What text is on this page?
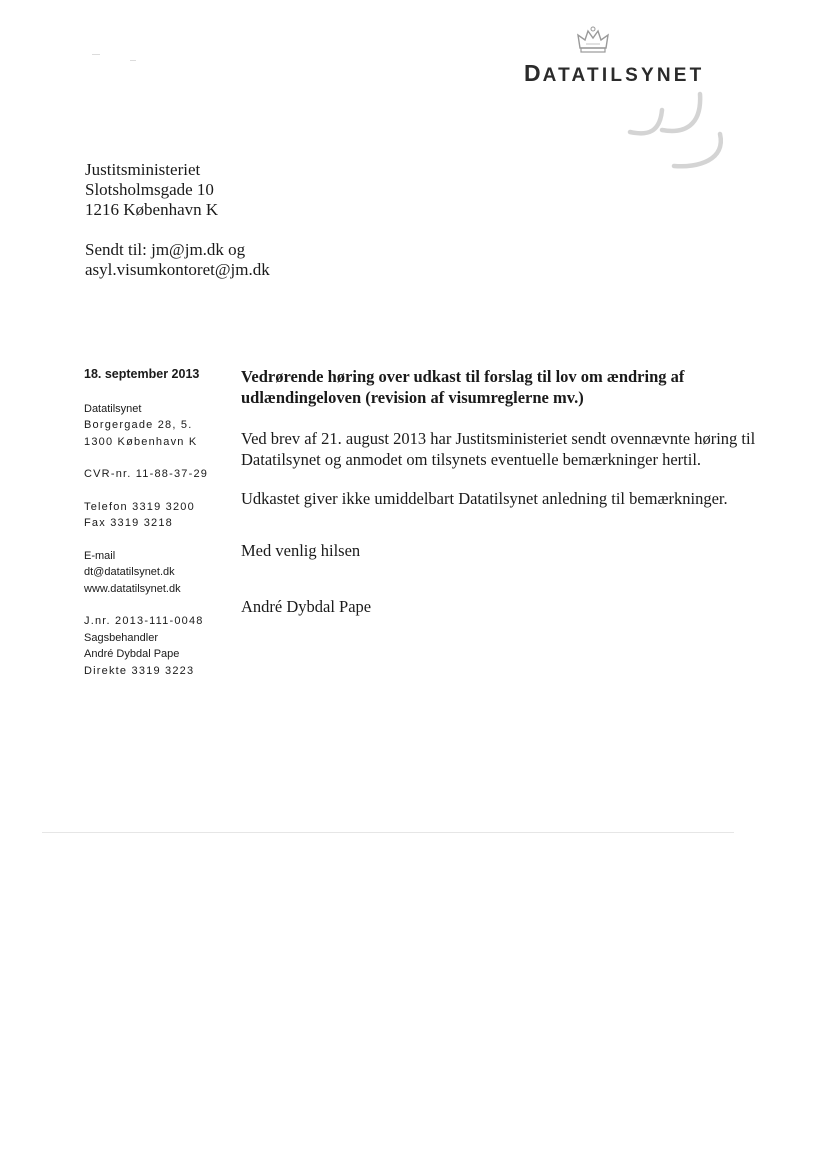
DATATILSYNET
Justitsministeriet
Slotsholmsgade 10
1216 København K
Sendt til: jm@jm.dk og
asyl.visumkontoret@jm.dk
18. september 2013
Datatilsynet
Borgergade 28, 5.
1300 København K
CVR-nr. 11-88-37-29
Telefon 3319 3200
Fax 3319 3218
E-mail
dt@datatilsynet.dk
www.datatilsynet.dk
J.nr. 2013-111-0048
Sagsbehandler
André Dybdal Pape
Direkte 3319 3223

Vedrørende høring over udkast til forslag til lov om ændring af udlændingeloven (revision af visumreglerne mv.)

Ved brev af 21. august 2013 har Justitsministeriet sendt ovennævnte høring til Datatilsynet og anmodet om tilsynets eventuelle bemærkninger hertil.

Udkastet giver ikke umiddelbart Datatilsynet anledning til bemærkninger.

Med venlig hilsen
André Dybdal Pape
